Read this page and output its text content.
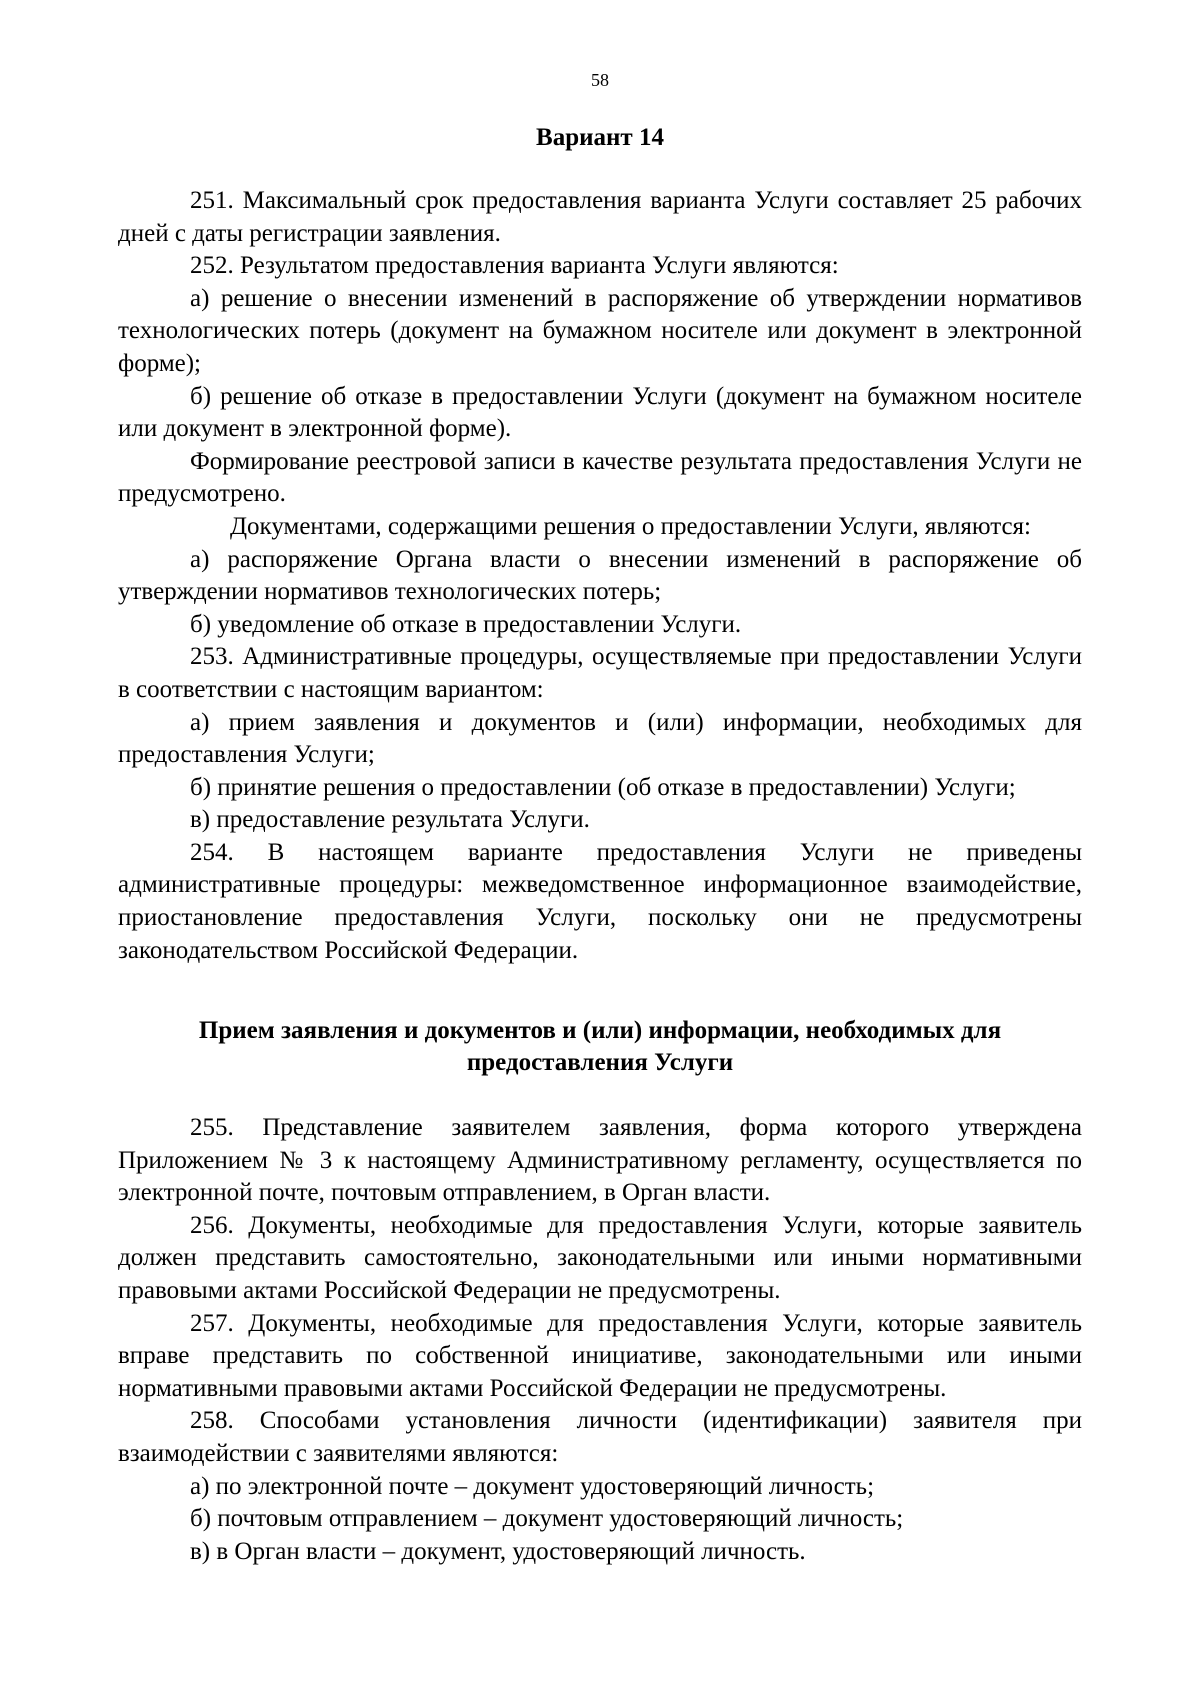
58
Вариант 14

251. Максимальный срок предоставления варианта Услуги составляет 25 рабочих дней с даты регистрации заявления.

252. Результатом предоставления варианта Услуги являются:

а) решение о внесении изменений в распоряжение об утверждении нормативов технологических потерь (документ на бумажном носителе или документ в электронной форме);

б) решение об отказе в предоставлении Услуги (документ на бумажном носителе или документ в электронной форме).

Формирование реестровой записи в качестве результата предоставления Услуги не предусмотрено.

Документами, содержащими решения о предоставлении Услуги, являются:

а) распоряжение Органа власти о внесении изменений в распоряжение об утверждении нормативов технологических потерь;

б) уведомление об отказе в предоставлении Услуги.

253. Административные процедуры, осуществляемые при предоставлении Услуги в соответствии с настоящим вариантом:

а) прием заявления и документов и (или) информации, необходимых для предоставления Услуги;

б) принятие решения о предоставлении (об отказе в предоставлении) Услуги;

в) предоставление результата Услуги.

254. В настоящем варианте предоставления Услуги не приведены административные процедуры: межведомственное информационное взаимодействие, приостановление предоставления Услуги, поскольку они не предусмотрены законодательством Российской Федерации.

Прием заявления и документов и (или) информации, необходимых для
предоставления Услуги

255. Представление заявителем заявления, форма которого утверждена Приложением № 3 к настоящему Административному регламенту, осуществляется по электронной почте, почтовым отправлением, в Орган власти.

256. Документы, необходимые для предоставления Услуги, которые заявитель должен представить самостоятельно, законодательными или иными нормативными правовыми актами Российской Федерации не предусмотрены.

257. Документы, необходимые для предоставления Услуги, которые заявитель вправе представить по собственной инициативе, законодательными или иными нормативными правовыми актами Российской Федерации не предусмотрены.

258. Способами установления личности (идентификации) заявителя при взаимодействии с заявителями являются:

а) по электронной почте – документ удостоверяющий личность;

б) почтовым отправлением – документ удостоверяющий личность;

в) в Орган власти – документ, удостоверяющий личность.
